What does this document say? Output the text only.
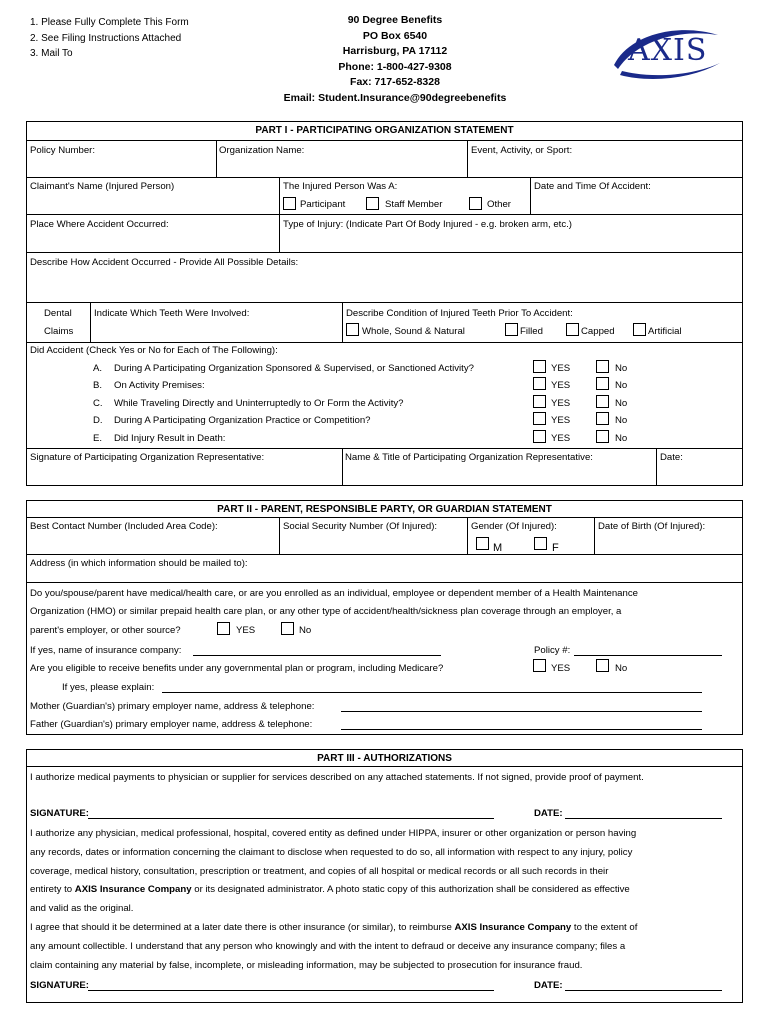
1. Please Fully Complete This Form
2. See Filing Instructions Attached
3. Mail To
90 Degree Benefits
PO Box 6540
Harrisburg, PA 17112
Phone: 1-800-427-9308
Fax: 717-652-8328
Email: Student.Insurance@90degreebenefits
AXIS
PART I - PARTICIPATING ORGANIZATION STATEMENT
Policy Number:	Organization Name:	Event, Activity, or Sport:
Claimant's Name (Injured Person)	The Injured Person Was A:
Participant	Staff Member	Other
Date and Time Of Accident:
Place Where Accident Occurred:	Type of Injury: (Indicate Part Of Body Injured - e.g. broken arm, etc.)
Describe How Accident Occurred - Provide All Possible Details:
Dental
Claims
Indicate Which Teeth Were Involved:	Describe Condition of Injured Teeth Prior To Accident:
Whole, Sound & Natural	Filled	Capped	Artificial
Did Accident (Check Yes or No for Each of The Following):
A. During A Participating Organization Sponsored & Supervised, or Sanctioned Activity?	YES	No
B. On Activity Premises:	YES	No
C. While Traveling Directly and Uninterruptedly to Or Form the Activity?	YES	No
D. During A Participating Organization Practice or Competition?	YES	No
E. Did Injury Result in Death:	YES	No
Signature of Participating Organization Representative:	Name & Title of Participating Organization Representative:	Date:
PART II - PARENT, RESPONSIBLE PARTY, OR GUARDIAN STATEMENT
Best Contact Number (Included Area Code):	Social Security Number (Of Injured):	Gender (Of Injured):
M	F
Date of Birth (Of Injured):
Address (in which information should be mailed to):
Do you/spouse/parent have medical/health care, or are you enrolled as an individual, employee or dependent member of a Health Maintenance
Organization (HMO) or similar prepaid health care plan, or any other type of accident/health/sickness plan coverage through an employer, a
parent's employer, or other source?	YES	No
If yes, name of insurance company:	Policy #:
Are you eligible to receive benefits under any governmental plan or program, including Medicare?	YES	No
If yes, please explain:
Mother (Guardian's) primary employer name, address & telephone:
Father (Guardian's) primary employer name, address & telephone:
PART III - AUTHORIZATIONS
I authorize medical payments to physician or supplier for services described on any attached statements. If not signed, provide proof of payment.
SIGNATURE:	DATE:
I authorize any physician, medical professional, hospital, covered entity as defined under HIPPA, insurer or other organization or person having
any records, dates or information concerning the claimant to disclose when requested to do so, all information with respect to any injury, policy
coverage, medical history, consultation, prescription or treatment, and copies of all hospital or medical records or all such records in their
entirety to AXIS Insurance Company or its designated administrator. A photo static copy of this authorization shall be considered as effective
and valid as the original.
I agree that should it be determined at a later date there is other insurance (or similar), to reimburse AXIS Insurance Company to the extent of
any amount collectible. I understand that any person who knowingly and with the intent to defraud or deceive any insurance company; files a
claim containing any material by false, incomplete, or misleading information, may be subjected to prosecution for insurance fraud.
SIGNATURE:	DATE:
